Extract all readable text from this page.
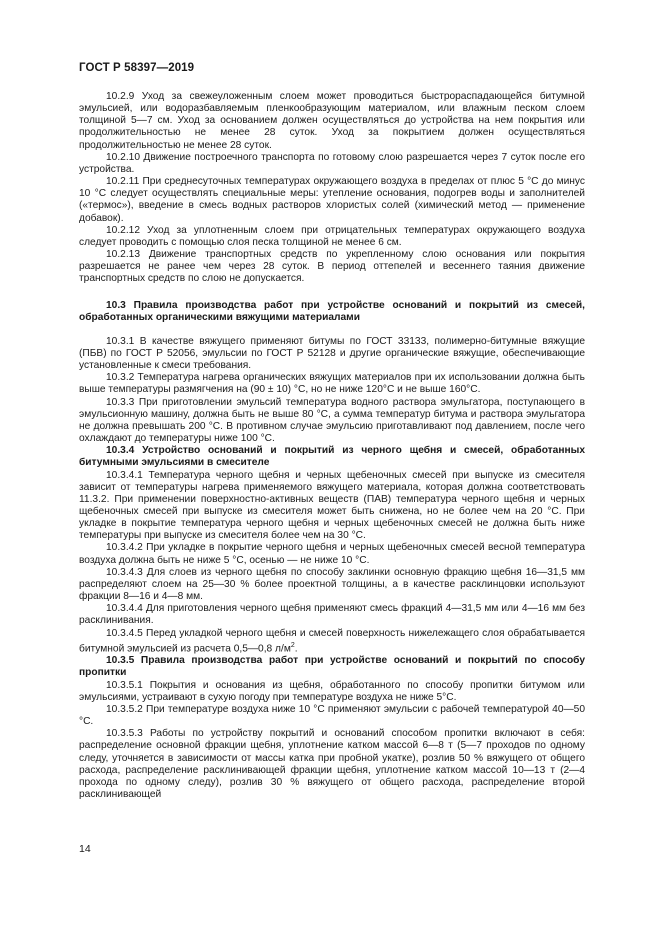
ГОСТ Р 58397—2019

10.2.9 Уход за свежеуложенным слоем может проводиться быстрораспадающейся битумной эмульсией, или водоразбавляемым пленкообразующим материалом, или влажным песком слоем толщиной 5—7 см. Уход за основанием должен осуществляться до устройства на нем покрытия или продолжительностью не менее 28 суток. Уход за покрытием должен осуществляться продолжительностью не менее 28 суток.

10.2.10 Движение построечного транспорта по готовому слою разрешается через 7 суток после его устройства.

10.2.11 При среднесуточных температурах окружающего воздуха в пределах от плюс 5 °С до минус 10 °С следует осуществлять специальные меры: утепление основания, подогрев воды и заполнителей («термос»), введение в смесь водных растворов хлористых солей (химический метод — применение добавок).

10.2.12 Уход за уплотненным слоем при отрицательных температурах окружающего воздуха следует проводить с помощью слоя песка толщиной не менее 6 см.

10.2.13 Движение транспортных средств по укрепленному слою основания или покрытия разрешается не ранее чем через 28 суток. В период оттепелей и весеннего таяния движение транспортных средств по слою не допускается.

10.3 Правила производства работ при устройстве оснований и покрытий из смесей, обработанных органическими вяжущими материалами

10.3.1 В качестве вяжущего применяют битумы по ГОСТ 33133, полимерно-битумные вяжущие (ПБВ) по ГОСТ Р 52056, эмульсии по ГОСТ Р 52128 и другие органические вяжущие, обеспечивающие установленные к смеси требования.

10.3.2 Температура нагрева органических вяжущих материалов при их использовании должна быть выше температуры размягчения на (90 ± 10) °С, но не ниже 120°С и не выше 160°С.

10.3.3 При приготовлении эмульсий температура водного раствора эмульгатора, поступающего в эмульсионную машину, должна быть не выше 80 °С, а сумма температур битума и раствора эмульгатора не должна превышать 200 °С. В противном случае эмульсию приготавливают под давлением, после чего охлаждают до температуры ниже 100 °С.

10.3.4 Устройство оснований и покрытий из черного щебня и смесей, обработанных битумными эмульсиями в смесителе

10.3.4.1 Температура черного щебня и черных щебеночных смесей при выпуске из смесителя зависит от температуры нагрева применяемого вяжущего материала, которая должна соответствовать 11.3.2. При применении поверхностно-активных веществ (ПАВ) температура черного щебня и черных щебеночных смесей при выпуске из смесителя может быть снижена, но не более чем на 20 °С. При укладке в покрытие температура черного щебня и черных щебеночных смесей не должна быть ниже температуры при выпуске из смесителя более чем на 30 °С.

10.3.4.2 При укладке в покрытие черного щебня и черных щебеночных смесей весной температура воздуха должна быть не ниже 5 °С, осенью — не ниже 10 °С.

10.3.4.3 Для слоев из черного щебня по способу заклинки основную фракцию щебня 16—31,5 мм распределяют слоем на 25—30 % более проектной толщины, а в качестве расклинцовки используют фракции 8—16 и 4—8 мм.

10.3.4.4 Для приготовления черного щебня применяют смесь фракций 4—31,5 мм или 4—16 мм без расклинивания.

10.3.4.5 Перед укладкой черного щебня и смесей поверхность нижележащего слоя обрабатывается битумной эмульсией из расчета 0,5—0,8 $л/м^2$.

10.3.5 Правила производства работ при устройстве оснований и покрытий по способу пропитки

10.3.5.1 Покрытия и основания из щебня, обработанного по способу пропитки битумом или эмульсиями, устраивают в сухую погоду при температуре воздуха не ниже 5°С.

10.3.5.2 При температуре воздуха ниже 10 °С применяют эмульсии с рабочей температурой 40—50 °С.

10.3.5.3 Работы по устройству покрытий и оснований способом пропитки включают в себя: распределение основной фракции щебня, уплотнение катком массой 6—8 т (5—7 проходов по одному следу, уточняется в зависимости от массы катка при пробной укатке), розлив 50 % вяжущего от общего расхода, распределение расклинивающей фракции щебня, уплотнение катком массой 10—13 т (2—4 прохода по одному следу), розлив 30 % вяжущего от общего расхода, распределение второй расклинивающей

14
